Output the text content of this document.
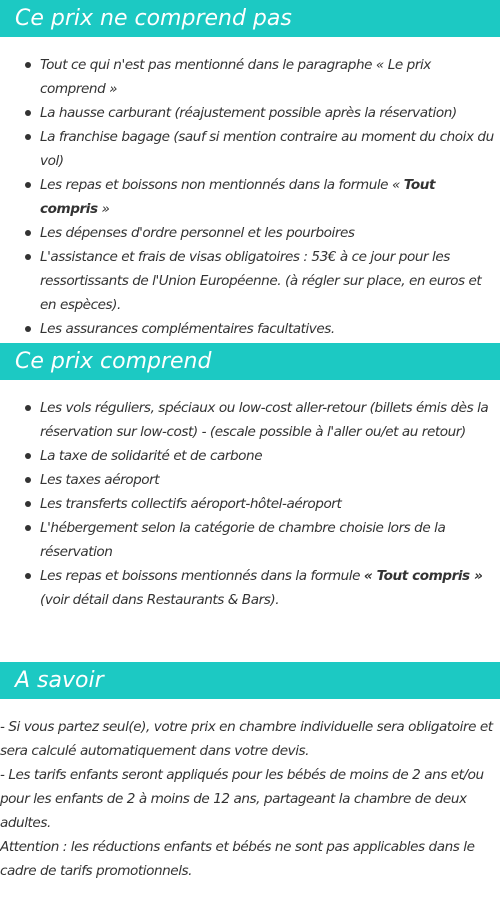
Ce prix ne comprend pas
Tout ce qui n'est pas mentionné dans le paragraphe « Le prix comprend »
La hausse carburant (réajustement possible après la réservation)
La franchise bagage (sauf si mention contraire au moment du choix du vol)
Les repas et boissons non mentionnés dans la formule « Tout compris »
Les dépenses d'ordre personnel et les pourboires
L'assistance et frais de visas obligatoires : 53€ à ce jour pour les ressortissants de l'Union Européenne. (à régler sur place, en euros et en espèces).
Les assurances complémentaires facultatives.
Ce prix comprend
Les vols réguliers, spéciaux ou low-cost aller-retour (billets émis dès la réservation sur low-cost) - (escale possible à l'aller ou/et au retour)
La taxe de solidarité et de carbone
Les taxes aéroport
Les transferts collectifs aéroport-hôtel-aéroport
L'hébergement selon la catégorie de chambre choisie lors de la réservation
Les repas et boissons mentionnés dans la formule « Tout compris » (voir détail dans Restaurants & Bars).
A savoir

- Si vous partez seul(e), votre prix en chambre individuelle sera obligatoire et sera calculé automatiquement dans votre devis.

- Les tarifs enfants seront appliqués pour les bébés de moins de 2 ans et/ou pour les enfants de 2 à moins de 12 ans, partageant la chambre de deux adultes.

Attention : les réductions enfants et bébés ne sont pas applicables dans le cadre de tarifs promotionnels.
